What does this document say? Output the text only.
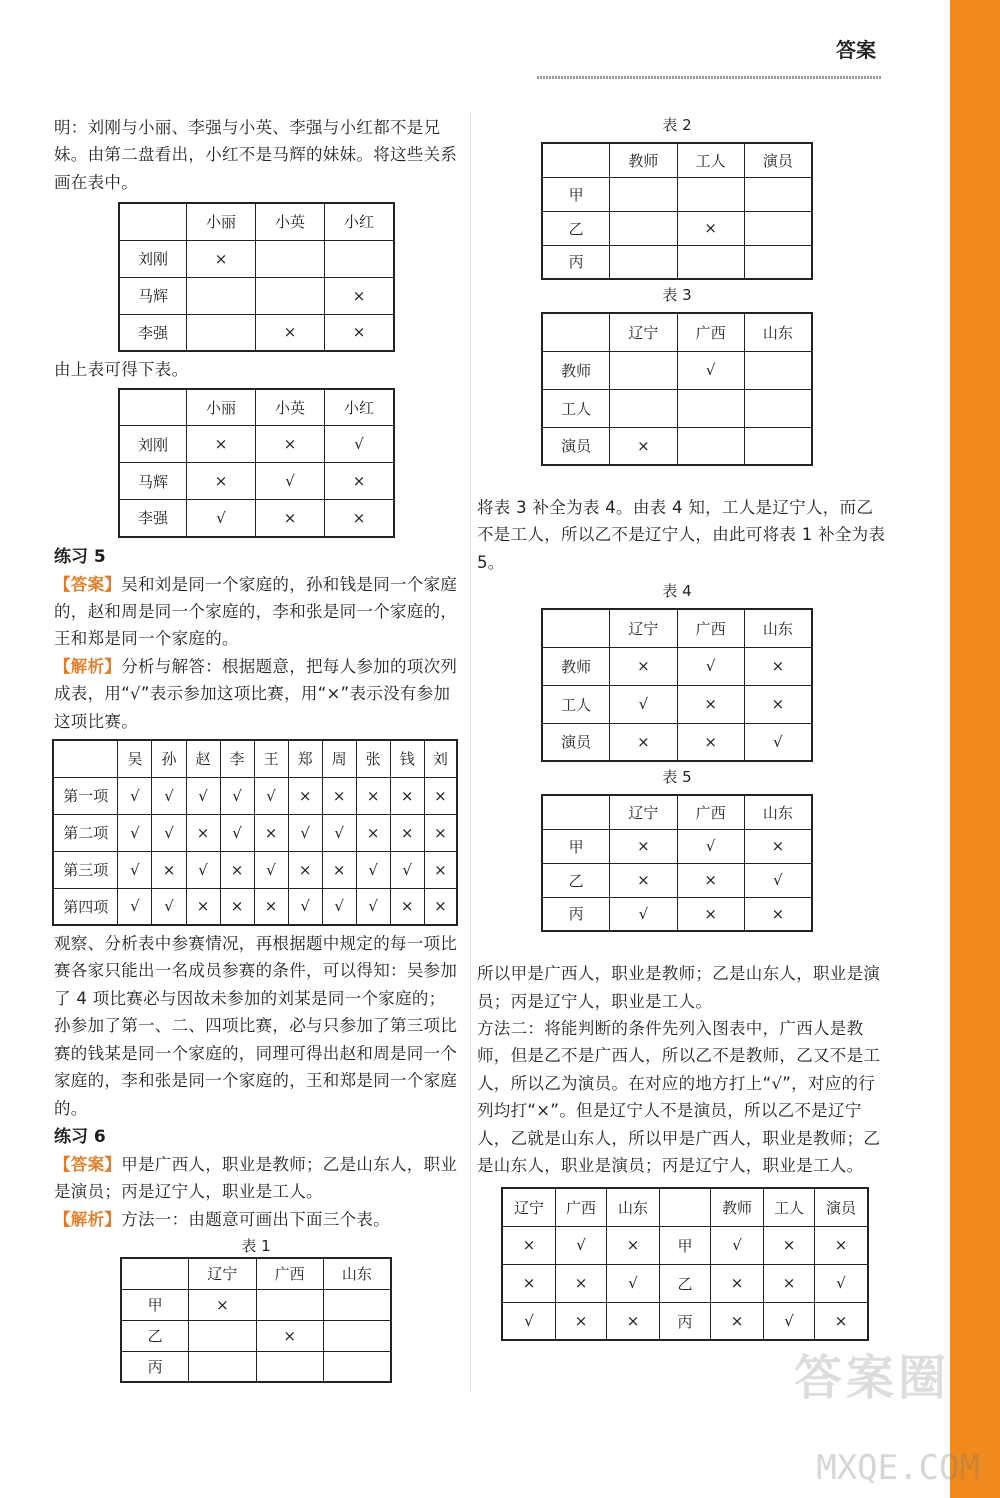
答案

明：刘刚与小丽、李强与小英、李强与小红都不是兄妹。由第二盘看出，小红不是马辉的妹妹。将这些关系画在表中。

	小丽	小英	小红
刘刚	×		
马辉			×
李强		×	×

由上表可得下表。

	小丽	小英	小红
刘刚	×	×	√
马辉	×	√	×
李强	√	×	×

练习 5

【答案】吴和刘是同一个家庭的，孙和钱是同一个家庭的，赵和周是同一个家庭的，李和张是同一个家庭的，王和郑是同一个家庭的。

【解析】分析与解答：根据题意，把每人参加的项次列成表，用“√”表示参加这项比赛，用“×”表示没有参加这项比赛。

	吴	孙	赵	李	王	郑	周	张	钱	刘
第一项	√	√	√	√	√	×	×	×	×	×
第二项	√	√	×	√	×	√	√	×	×	×
第三项	√	×	√	×	√	×	×	√	√	×
第四项	√	√	×	×	×	√	√	√	×	×

观察、分析表中参赛情况，再根据题中规定的每一项比赛各家只能出一名成员参赛的条件，可以得知：吴参加了 4 项比赛必与因故未参加的刘某是同一个家庭的；孙参加了第一、二、四项比赛，必与只参加了第三项比赛的钱某是同一个家庭的，同理可得出赵和周是同一个家庭的，李和张是同一个家庭的，王和郑是同一个家庭的。

练习 6

【答案】甲是广西人，职业是教师；乙是山东人，职业是演员；丙是辽宁人，职业是工人。

【解析】方法一：由题意可画出下面三个表。

表 1

	辽宁	广西	山东
甲	×		
乙		×	
丙			

表 2

	教师	工人	演员
甲			
乙		×	
丙			

表 3

	辽宁	广西	山东
教师		√	
工人			
演员	×		

将表 3 补全为表 4。由表 4 知，工人是辽宁人，而乙不是工人，所以乙不是辽宁人，由此可将表 1 补全为表 5。

表 4

	辽宁	广西	山东
教师	×	√	×
工人	√	×	×
演员	×	×	√

表 5

	辽宁	广西	山东
甲	×	√	×
乙	×	×	√
丙	√	×	×

所以甲是广西人，职业是教师；乙是山东人，职业是演员；丙是辽宁人，职业是工人。

方法二：将能判断的条件先列入图表中，广西人是教师，但是乙不是广西人，所以乙不是教师，乙又不是工人，所以乙为演员。在对应的地方打上“√”，对应的行列均打“×”。但是辽宁人不是演员，所以乙不是辽宁人，乙就是山东人，所以甲是广西人，职业是教师；乙是山东人，职业是演员；丙是辽宁人，职业是工人。

辽宁	广西	山东		教师	工人	演员
×	√	×	甲	√	×	×
×	×	√	乙	×	×	√
√	×	×	丙	×	√	×
答案圈
MXQE.COM
